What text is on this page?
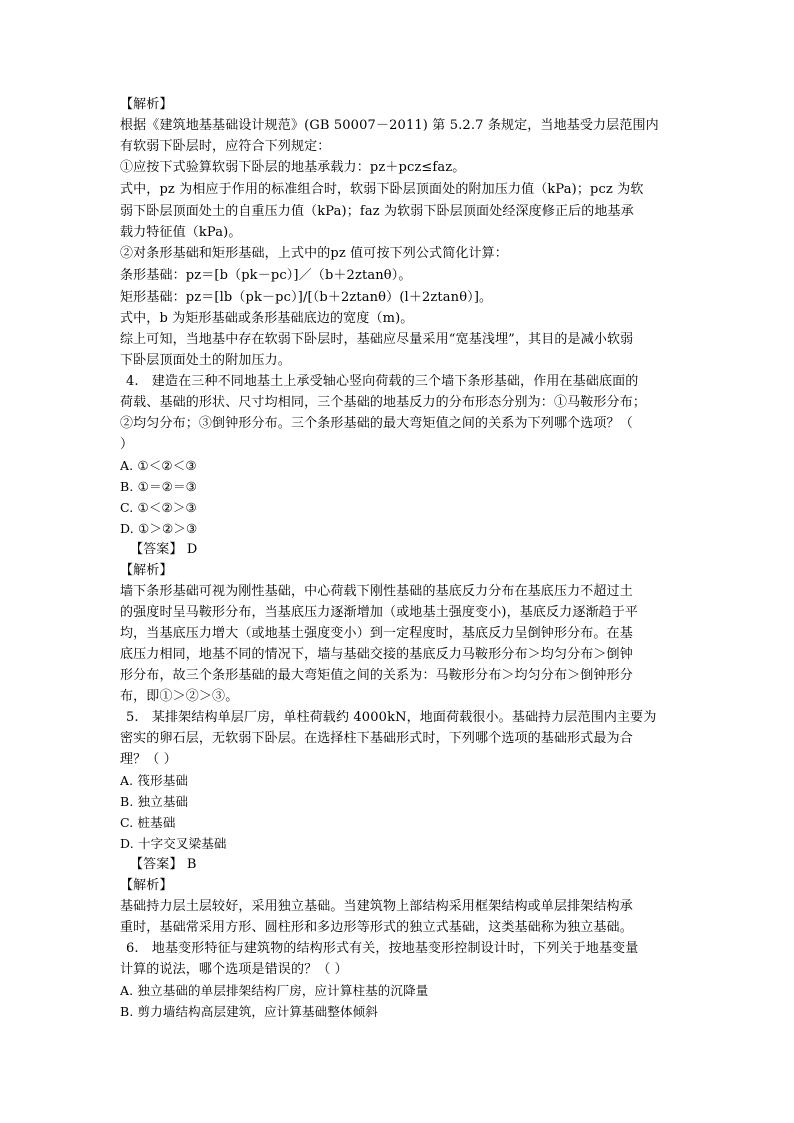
【解析】
根据《建筑地基基础设计规范》(GB 50007－2011) 第 5.2.7 条规定，当地基受力层范围内
有软弱下卧层时，应符合下列规定：
①应按下式验算软弱下卧层的地基承载力：pz＋pcz≤faz。
式中，pz 为相应于作用的标准组合时，软弱下卧层顶面处的附加压力值（kPa)；pcz 为软
弱下卧层顶面处土的自重压力值（kPa)；faz 为软弱下卧层顶面处经深度修正后的地基承
载力特征值（kPa)。
②对条形基础和矩形基础，上式中的pz 值可按下列公式简化计算：
条形基础：pz＝[b（pk－pc）]／（b＋2ztanθ）。
矩形基础：pz＝[lb（pk－pc）]/[（b＋2ztanθ）(l＋2ztanθ）]。
式中，b 为矩形基础或条形基础底边的宽度（m)。
综上可知，当地基中存在软弱下卧层时，基础应尽量采用“宽基浅埋”，其目的是减小软弱
下卧层顶面处土的附加压力。
4.　建造在三种不同地基土上承受轴心竖向荷载的三个墙下条形基础，作用在基础底面的
荷载、基础的形状、尺寸均相同，三个基础的地基反力的分布形态分别为：①马鞍形分布；
②均匀分布；③倒钟形分布。三个条形基础的最大弯矩值之间的关系为下列哪个选项？（
）
A. ①＜②＜③
B. ①＝②＝③
C. ①＜②＞③
D. ①＞②＞③
【答案】 D
【解析】
墙下条形基础可视为刚性基础，中心荷载下刚性基础的基底反力分布在基底压力不超过土
的强度时呈马鞍形分布，当基底压力逐渐增加（或地基土强度变小)，基底反力逐渐趋于平
均，当基底压力增大（或地基土强度变小）到一定程度时，基底反力呈倒钟形分布。在基
底压力相同，地基不同的情况下，墙与基础交接的基底反力马鞍形分布＞均匀分布＞倒钟
形分布，故三个条形基础的最大弯矩值之间的关系为：马鞍形分布＞均匀分布＞倒钟形分
布，即①＞②＞③。
5.　某排架结构单层厂房，单柱荷载约 4000kN，地面荷载很小。基础持力层范围内主要为
密实的卵石层，无软弱下卧层。在选择柱下基础形式时，下列哪个选项的基础形式最为合
理？（ ）
A. 筏形基础
B. 独立基础
C. 桩基础
D. 十字交叉梁基础
【答案】 B
【解析】
基础持力层土层较好，采用独立基础。当建筑物上部结构采用框架结构或单层排架结构承
重时，基础常采用方形、圆柱形和多边形等形式的独立式基础，这类基础称为独立基础。
6.　地基变形特征与建筑物的结构形式有关，按地基变形控制设计时，下列关于地基变量
计算的说法，哪个选项是错误的？（ ）
A. 独立基础的单层排架结构厂房，应计算柱基的沉降量
B. 剪力墙结构高层建筑，应计算基础整体倾斜
